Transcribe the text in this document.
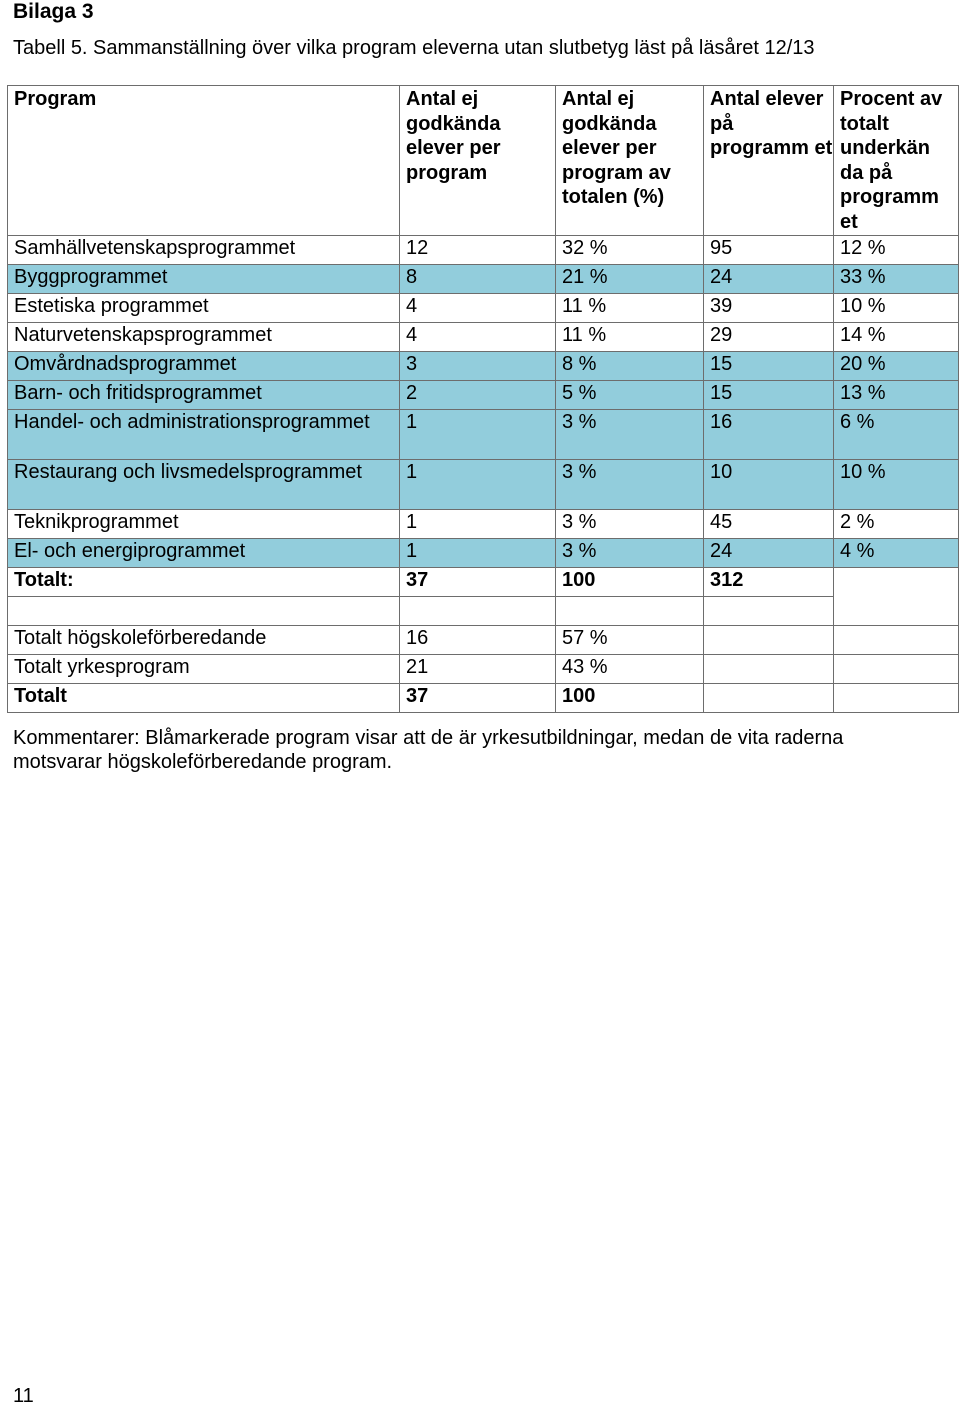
Bilaga 3
Tabell 5. Sammanställning över vilka program eleverna utan slutbetyg läst på läsåret 12/13
Program	Antal ej godkända elever per program	Antal ej godkända elever per program av totalen (%)	Antal elever på programm et	Procent av totalt underkän da på programm et
Samhällvetenskapsprogrammet	12	32 %	95	12 %
Byggprogrammet	8	21 %	24	33 %
Estetiska programmet	4	11 %	39	10 %
Naturvetenskapsprogrammet	4	11 %	29	14 %
Omvårdnadsprogrammet	3	8 %	15	20 %
Barn- och fritidsprogrammet	2	5 %	15	13 %
Handel- och administrationsprogrammet	1	3 %	16	6 %
Restaurang och livsmedelsprogrammet	1	3 %	10	10 %
Teknikprogrammet	1	3 %	45	2 %
El- och energiprogrammet	1	3 %	24	4 %
Totalt:	37	100	312	

Totalt högskoleförberedande	16	57 %		
Totalt yrkesprogram	21	43 %		
Totalt	37	100		
Kommentarer: Blåmarkerade program visar att de är yrkesutbildningar, medan de vita raderna motsvarar högskoleförberedande program.
11
